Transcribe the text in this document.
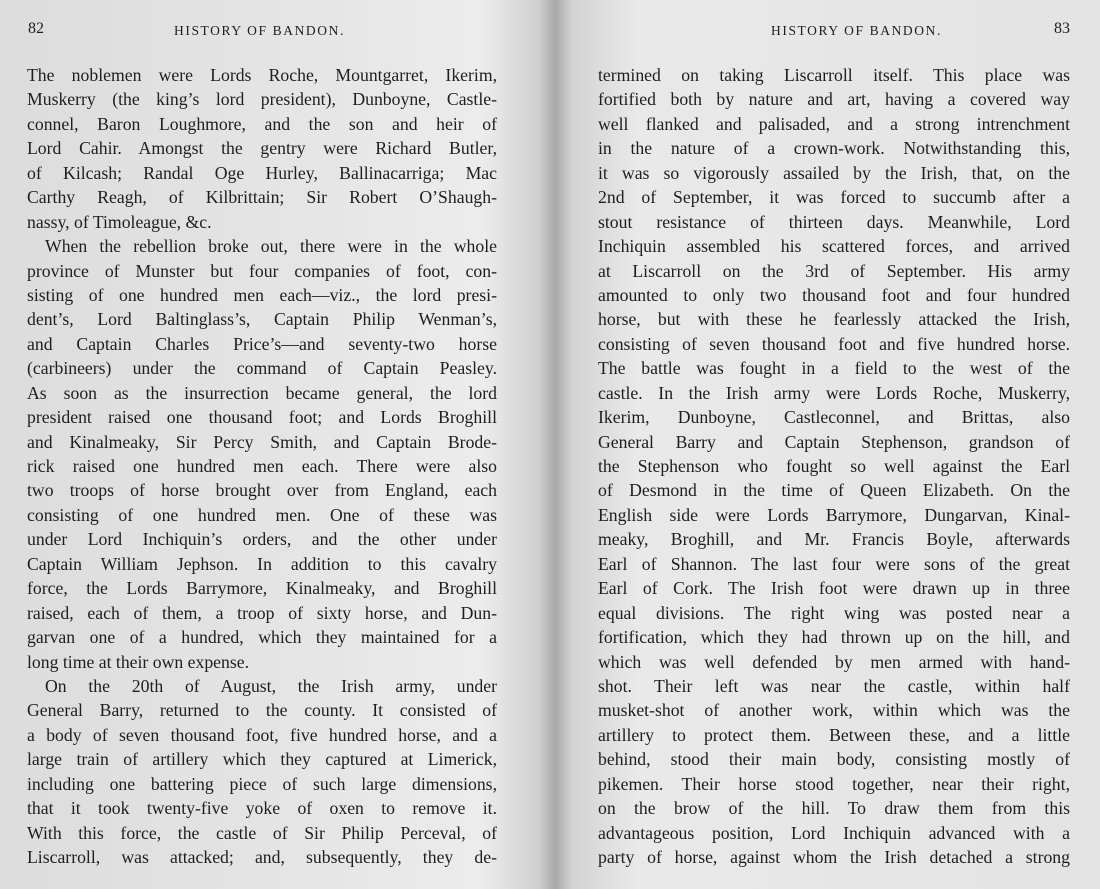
82	HISTORY OF BANDON.
The noblemen were Lords Roche, Mountgarret, Ikerim,
Muskerry (the king’s lord president), Dunboyne, Castle-
connel, Baron Loughmore, and the son and heir of
Lord Cahir. Amongst the gentry were Richard Butler,
of Kilcash; Randal Oge Hurley, Ballinacarriga; Mac
Carthy Reagh, of Kilbrittain; Sir Robert O’Shaugh-
nassy, of Timoleague, &c.
When the rebellion broke out, there were in the whole
province of Munster but four companies of foot, con-
sisting of one hundred men each—viz., the lord presi-
dent’s, Lord Baltinglass’s, Captain Philip Wenman’s,
and Captain Charles Price’s—and seventy-two horse
(carbineers) under the command of Captain Peasley.
As soon as the insurrection became general, the lord
president raised one thousand foot; and Lords Broghill
and Kinalmeaky, Sir Percy Smith, and Captain Brode-
rick raised one hundred men each. There were also
two troops of horse brought over from England, each
consisting of one hundred men. One of these was
under Lord Inchiquin’s orders, and the other under
Captain William Jephson. In addition to this cavalry
force, the Lords Barrymore, Kinalmeaky, and Broghill
raised, each of them, a troop of sixty horse, and Dun-
garvan one of a hundred, which they maintained for a
long time at their own expense.
On the 20th of August, the Irish army, under
General Barry, returned to the county. It consisted of
a body of seven thousand foot, five hundred horse, and a
large train of artillery which they captured at Limerick,
including one battering piece of such large dimensions,
that it took twenty-five yoke of oxen to remove it.
With this force, the castle of Sir Philip Perceval, of
Liscarroll, was attacked; and, subsequently, they de-
HISTORY OF BANDON.	83
termined on taking Liscarroll itself. This place was
fortified both by nature and art, having a covered way
well flanked and palisaded, and a strong intrenchment
in the nature of a crown-work. Notwithstanding this,
it was so vigorously assailed by the Irish, that, on the
2nd of September, it was forced to succumb after a
stout resistance of thirteen days. Meanwhile, Lord
Inchiquin assembled his scattered forces, and arrived
at Liscarroll on the 3rd of September. His army
amounted to only two thousand foot and four hundred
horse, but with these he fearlessly attacked the Irish,
consisting of seven thousand foot and five hundred horse.
The battle was fought in a field to the west of the
castle. In the Irish army were Lords Roche, Muskerry,
Ikerim, Dunboyne, Castleconnel, and Brittas, also
General Barry and Captain Stephenson, grandson of
the Stephenson who fought so well against the Earl
of Desmond in the time of Queen Elizabeth. On the
English side were Lords Barrymore, Dungarvan, Kinal-
meaky, Broghill, and Mr. Francis Boyle, afterwards
Earl of Shannon. The last four were sons of the great
Earl of Cork. The Irish foot were drawn up in three
equal divisions. The right wing was posted near a
fortification, which they had thrown up on the hill, and
which was well defended by men armed with hand-
shot. Their left was near the castle, within half
musket-shot of another work, within which was the
artillery to protect them. Between these, and a little
behind, stood their main body, consisting mostly of
pikemen. Their horse stood together, near their right,
on the brow of the hill. To draw them from this
advantageous position, Lord Inchiquin advanced with a
party of horse, against whom the Irish detached a strong
